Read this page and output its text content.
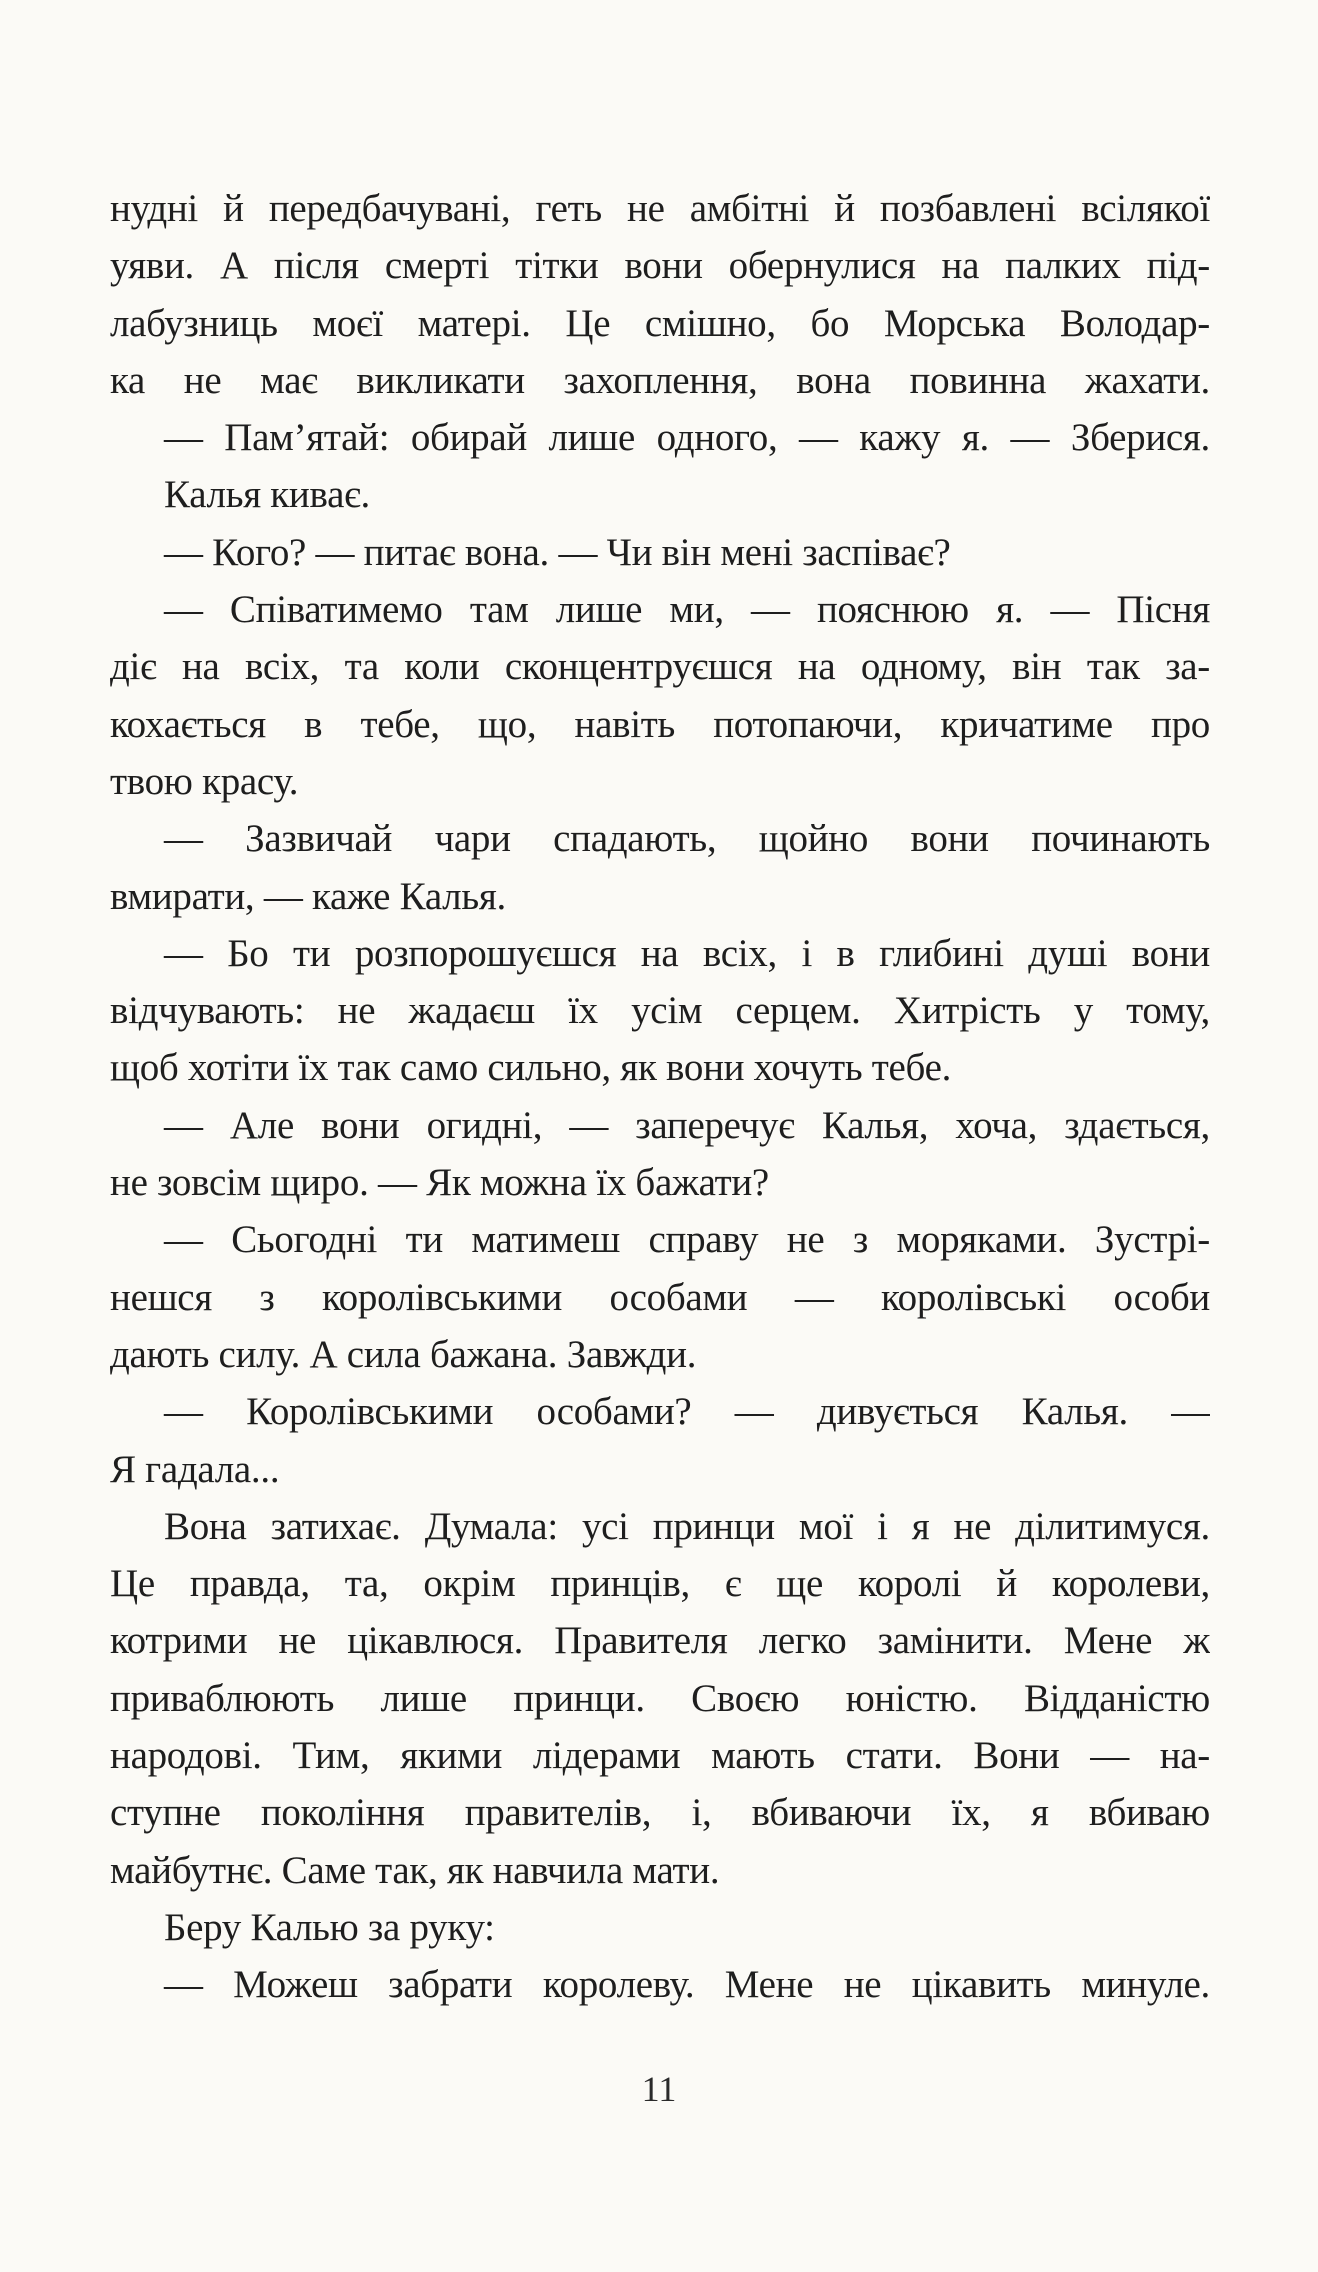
нудні й передбачувані, геть не амбітні й позбавлені всілякої
уяви. А після смерті тітки вони обернулися на палких під-
лабузниць моєї матері. Це смішно, бо Морська Володар-
ка не має викликати захоплення, вона повинна жахати.
— Пам’ятай: обирай лише одного, — кажу я. — Зберися.
Калья киває.
— Кого? — питає вона. — Чи він мені заспіває?
— Співатимемо там лише ми, — пояснюю я. — Пісня
діє на всіх, та коли сконцентруєшся на одному, він так за-
кохається в тебе, що, навіть потопаючи, кричатиме про
твою красу.
— Зазвичай чари спадають, щойно вони починають
вмирати, — каже Калья.
— Бо ти розпорошуєшся на всіх, і в глибині душі вони
відчувають: не жадаєш їх усім серцем. Хитрість у тому,
щоб хотіти їх так само сильно, як вони хочуть тебе.
— Але вони огидні, — заперечує Калья, хоча, здається,
не зовсім щиро. — Як можна їх бажати?
— Сьогодні ти матимеш справу не з моряками. Зустрі-
нешся з королівськими особами — королівські особи
дають силу. А сила бажана. Завжди.
— Королівськими особами? — дивується Калья. —
Я гадала...
Вона затихає. Думала: усі принци мої і я не ділитимуся.
Це правда, та, окрім принців, є ще королі й королеви,
котрими не цікавлюся. Правителя легко замінити. Мене ж
приваблюють лише принци. Своєю юністю. Відданістю
народові. Тим, якими лідерами мають стати. Вони — на-
ступне покоління правителів, і, вбиваючи їх, я вбиваю
майбутнє. Саме так, як навчила мати.
Беру Калью за руку:
— Можеш забрати королеву. Мене не цікавить минуле.
11
